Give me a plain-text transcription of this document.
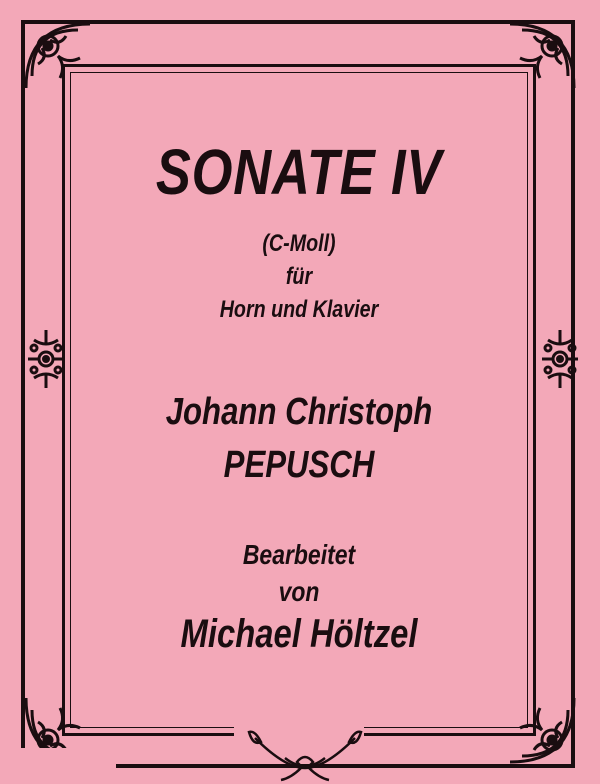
SONATE IV
(C-Moll)
für
Horn und Klavier
Johann Christoph
PEPUSCH
Bearbeitet
von
Michael Höltzel
